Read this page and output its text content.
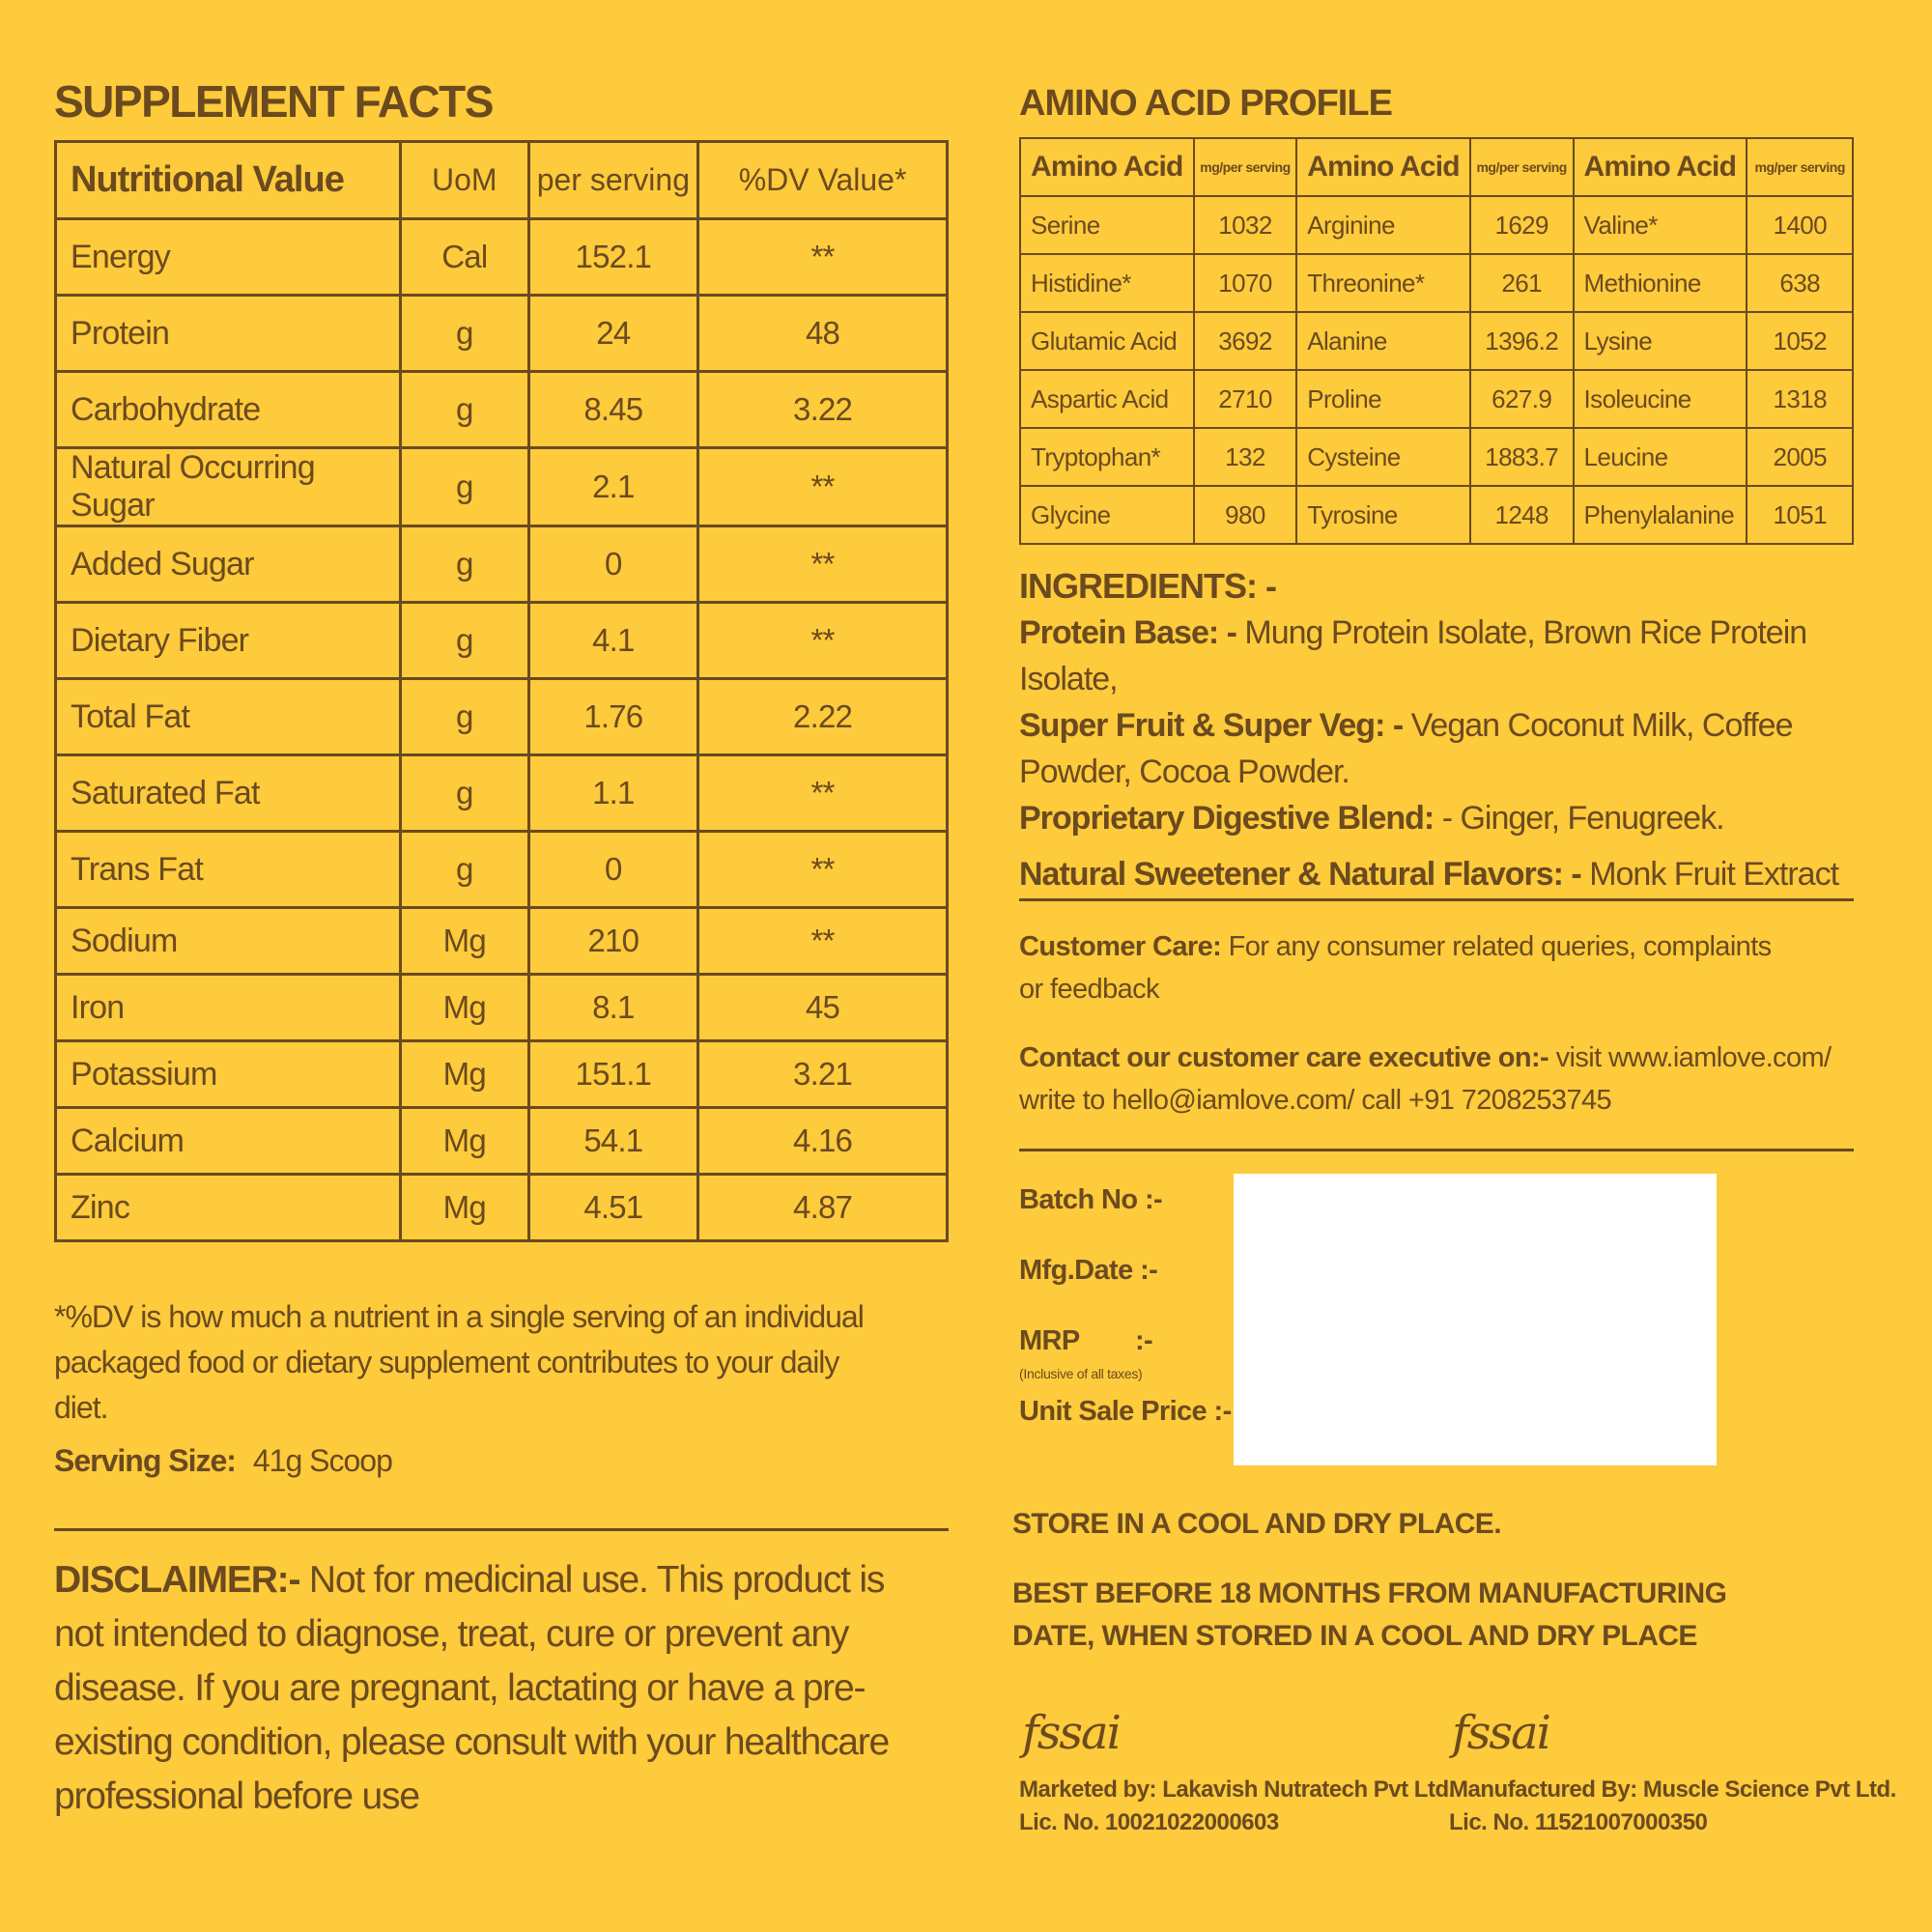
SUPPLEMENT FACTS
Nutritional Value	UoM	per serving	%DV Value*
Energy	Cal	152.1	**
Protein	g	24	48
Carbohydrate	g	8.45	3.22
Natural Occurring Sugar	g	2.1	**
Added Sugar	g	0	**
Dietary Fiber	g	4.1	**
Total Fat	g	1.76	2.22
Saturated Fat	g	1.1	**
Trans Fat	g	0	**
Sodium	Mg	210	**
Iron	Mg	8.1	45
Potassium	Mg	151.1	3.21
Calcium	Mg	54.1	4.16
Zinc	Mg	4.51	4.87
*%DV is how much a nutrient in a single serving of an individual packaged food or dietary supplement contributes to your daily diet.
Serving Size: 41g Scoop
DISCLAIMER:- Not for medicinal use. This product is not intended to diagnose, treat, cure or prevent any disease. If you are pregnant, lactating or have a pre-existing condition, please consult with your healthcare professional before use
AMINO ACID PROFILE
Amino Acid	mg/per serving	Amino Acid	mg/per serving	Amino Acid	mg/per serving
Serine	1032	Arginine	1629	Valine*	1400
Histidine*	1070	Threonine*	261	Methionine	638
Glutamic Acid	3692	Alanine	1396.2	Lysine	1052
Aspartic Acid	2710	Proline	627.9	Isoleucine	1318
Tryptophan*	132	Cysteine	1883.7	Leucine	2005
Glycine	980	Tyrosine	1248	Phenylalanine	1051
INGREDIENTS: -
Protein Base: - Mung Protein Isolate, Brown Rice Protein Isolate,
Super Fruit & Super Veg: - Vegan Coconut Milk, Coffee Powder, Cocoa Powder.
Proprietary Digestive Blend: - Ginger, Fenugreek.
Natural Sweetener & Natural Flavors: - Monk Fruit Extract
Customer Care: For any consumer related queries, complaints or feedback
Contact our customer care executive on:- visit www.iamlove.com/ write to hello@iamlove.com/ call +91 7208253745
Batch No :-
Mfg.Date :-
MRP :-
(Inclusive of all taxes)
Unit Sale Price :-
STORE IN A COOL AND DRY PLACE.
BEST BEFORE 18 MONTHS FROM MANUFACTURING DATE, WHEN STORED IN A COOL AND DRY PLACE
fssai
Marketed by: Lakavish Nutratech Pvt Ltd.
Lic. No. 10021022000603
fssai
Manufactured By: Muscle Science Pvt Ltd.
Lic. No. 11521007000350
